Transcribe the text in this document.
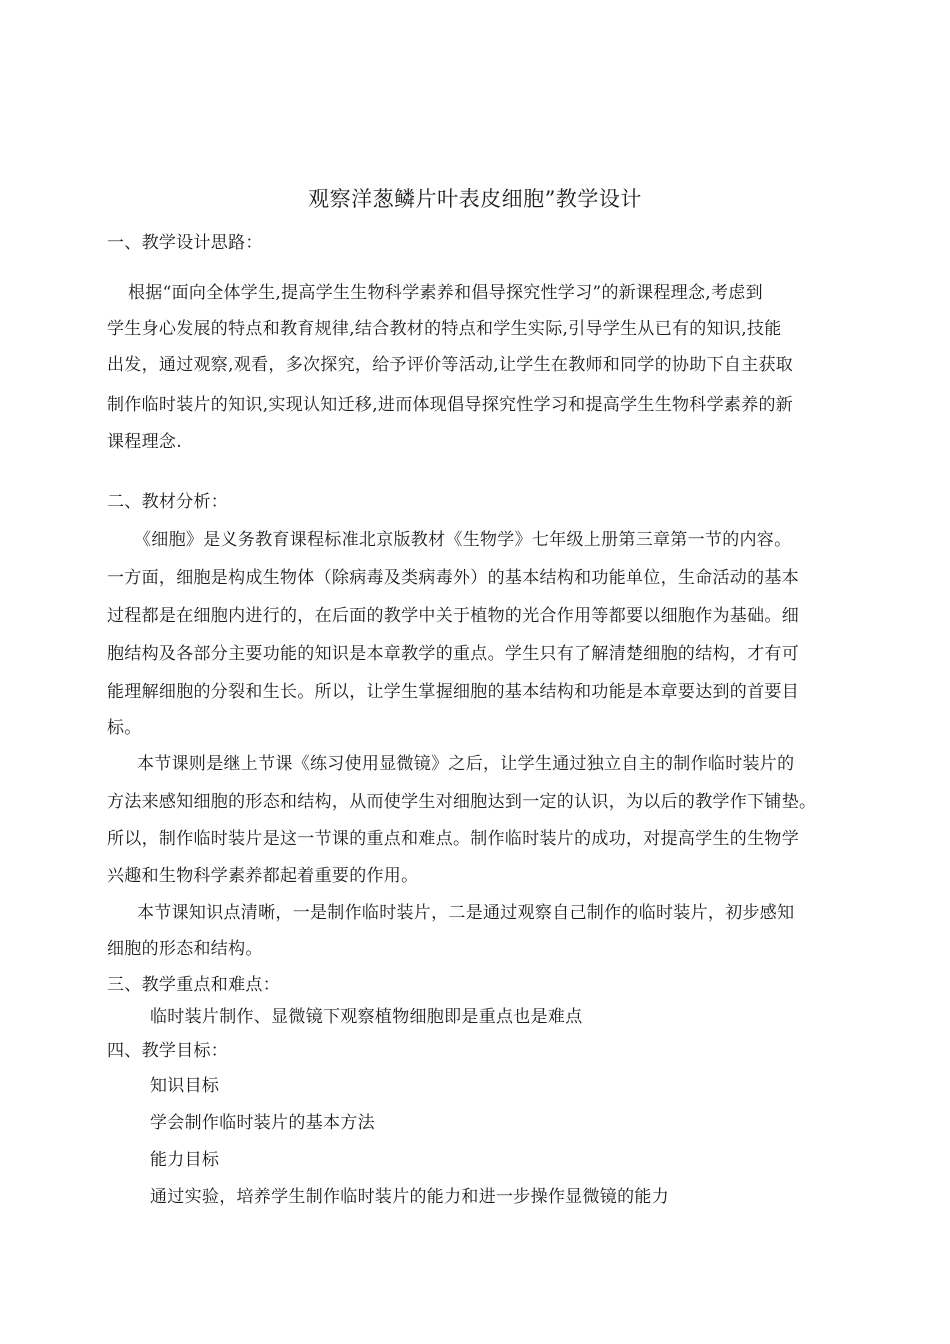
观察洋葱鳞片叶表皮细胞”教学设计
一、教学设计思路：
根据“面向全体学生,提高学生生物科学素养和倡导探究性学习”的新课程理念,考虑到
学生身心发展的特点和教育规律,结合教材的特点和学生实际,引导学生从已有的知识,技能
出发，通过观察,观看，多次探究，给予评价等活动,让学生在教师和同学的协助下自主获取
制作临时装片的知识,实现认知迁移,进而体现倡导探究性学习和提高学生生物科学素养的新
课程理念.
二、教材分析：
《细胞》是义务教育课程标准北京版教材《生物学》七年级上册第三章第一节的内容。
一方面，细胞是构成生物体（除病毒及类病毒外）的基本结构和功能单位，生命活动的基本
过程都是在细胞内进行的，在后面的教学中关于植物的光合作用等都要以细胞作为基础。细
胞结构及各部分主要功能的知识是本章教学的重点。学生只有了解清楚细胞的结构，才有可
能理解细胞的分裂和生长。所以，让学生掌握细胞的基本结构和功能是本章要达到的首要目
标。
本节课则是继上节课《练习使用显微镜》之后，让学生通过独立自主的制作临时装片的
方法来感知细胞的形态和结构，从而使学生对细胞达到一定的认识，为以后的教学作下铺垫。
所以，制作临时装片是这一节课的重点和难点。制作临时装片的成功，对提高学生的生物学
兴趣和生物科学素养都起着重要的作用。
本节课知识点清晰，一是制作临时装片，二是通过观察自己制作的临时装片，初步感知
细胞的形态和结构。
三、教学重点和难点：
临时装片制作、显微镜下观察植物细胞即是重点也是难点
四、教学目标：
知识目标
学会制作临时装片的基本方法
能力目标
通过实验，培养学生制作临时装片的能力和进一步操作显微镜的能力
